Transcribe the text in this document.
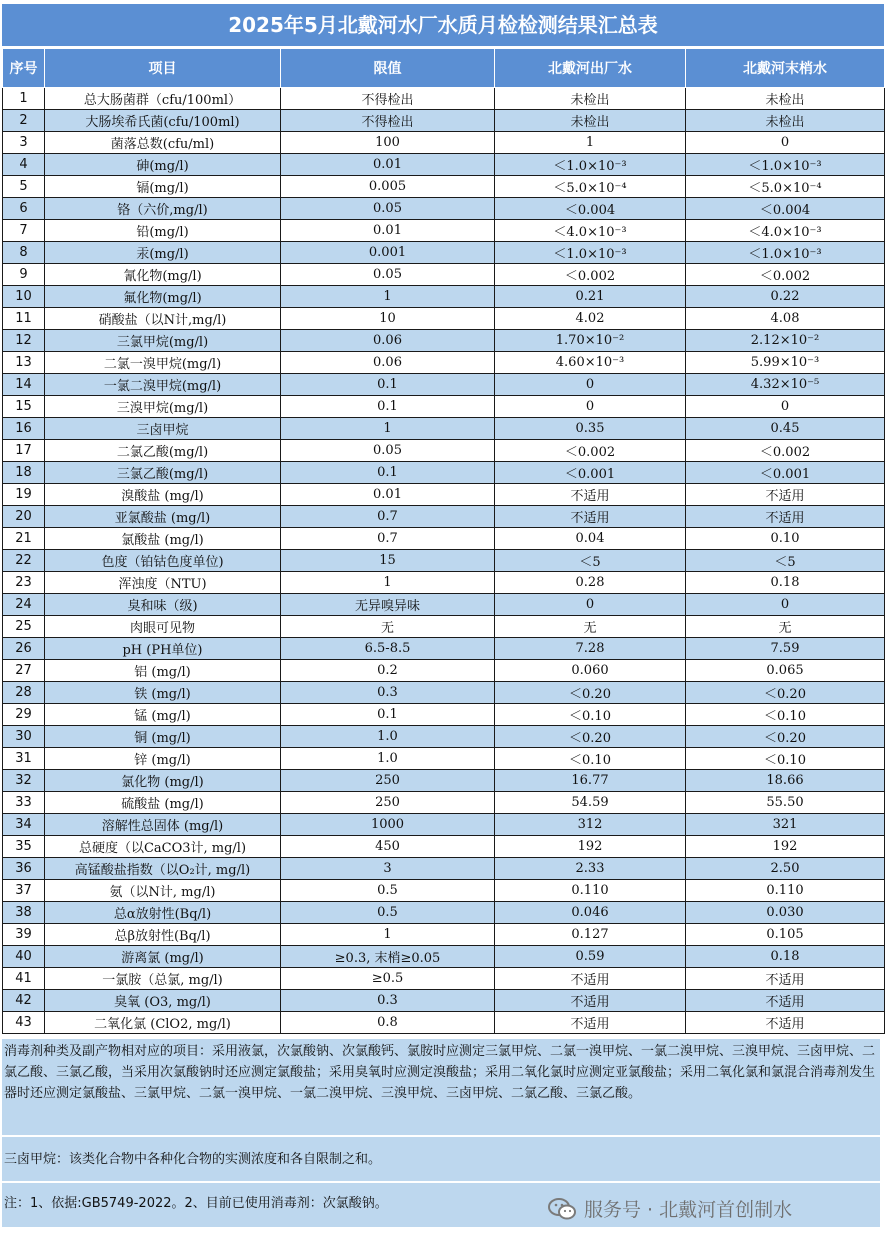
2025年5月北戴河水厂水质月检检测结果汇总表
序号	项目	限值	北戴河出厂水	北戴河末梢水
1	总大肠菌群（cfu/100ml）	不得检出	未检出	未检出
2	大肠埃希氏菌(cfu/100ml)	不得检出	未检出	未检出
3	菌落总数(cfu/ml)	100	1	0
4	砷(mg/l)	0.01	＜1.0×10⁻³	＜1.0×10⁻³
5	镉(mg/l)	0.005	＜5.0×10⁻⁴	＜5.0×10⁻⁴
6	铬（六价,mg/l)	0.05	＜0.004	＜0.004
7	铅(mg/l)	0.01	＜4.0×10⁻³	＜4.0×10⁻³
8	汞(mg/l)	0.001	＜1.0×10⁻³	＜1.0×10⁻³
9	氰化物(mg/l)	0.05	＜0.002	＜0.002
10	氟化物(mg/l)	1	0.21	0.22
11	硝酸盐（以N计,mg/l)	10	4.02	4.08
12	三氯甲烷(mg/l)	0.06	1.70×10⁻²	2.12×10⁻²
13	二氯一溴甲烷(mg/l)	0.06	4.60×10⁻³	5.99×10⁻³
14	一氯二溴甲烷(mg/l)	0.1	0	4.32×10⁻⁵
15	三溴甲烷(mg/l)	0.1	0	0
16	三卤甲烷	1	0.35	0.45
17	二氯乙酸(mg/l)	0.05	＜0.002	＜0.002
18	三氯乙酸(mg/l)	0.1	＜0.001	＜0.001
19	溴酸盐 (mg/l)	0.01	不适用	不适用
20	亚氯酸盐 (mg/l)	0.7	不适用	不适用
21	氯酸盐 (mg/l)	0.7	0.04	0.10
22	色度（铂钴色度单位)	15	＜5	＜5
23	浑浊度（NTU)	1	0.28	0.18
24	臭和味（级)	无异嗅异味	0	0
25	肉眼可见物	无	无	无
26	pH (PH单位)	6.5-8.5	7.28	7.59
27	铝 (mg/l)	0.2	0.060	0.065
28	铁 (mg/l)	0.3	＜0.20	＜0.20
29	锰 (mg/l)	0.1	＜0.10	＜0.10
30	铜 (mg/l)	1.0	＜0.20	＜0.20
31	锌 (mg/l)	1.0	＜0.10	＜0.10
32	氯化物 (mg/l)	250	16.77	18.66
33	硫酸盐 (mg/l)	250	54.59	55.50
34	溶解性总固体 (mg/l)	1000	312	321
35	总硬度（以CaCO3计, mg/l)	450	192	192
36	高锰酸盐指数（以O₂计, mg/l)	3	2.33	2.50
37	氨（以N计, mg/l)	0.5	0.110	0.110
38	总α放射性(Bq/l)	0.5	0.046	0.030
39	总β放射性(Bq/l)	1	0.127	0.105
40	游离氯 (mg/l)	≥0.3, 末梢≥0.05	0.59	0.18
41	一氯胺（总氯, mg/l)	≥0.5	不适用	不适用
42	臭氧 (O3, mg/l)	0.3	不适用	不适用
43	二氧化氯 (ClO2, mg/l)	0.8	不适用	不适用
消毒剂种类及副产物相对应的项目：采用液氯，次氯酸钠、次氯酸钙、氯胺时应测定三氯甲烷、二氯一溴甲烷、一氯二溴甲烷、三溴甲烷、三卤甲烷、二氯乙酸、三氯乙酸，当采用次氯酸钠时还应测定氯酸盐；采用臭氧时应测定溴酸盐；采用二氧化氯时应测定亚氯酸盐；采用二氧化氯和氯混合消毒剂发生器时还应测定氯酸盐、三氯甲烷、二氯一溴甲烷、一氯二溴甲烷、三溴甲烷、三卤甲烷、二氯乙酸、三氯乙酸。
三卤甲烷：该类化合物中各种化合物的实测浓度和各自限制之和。
注：1、依据:GB5749-2022。2、目前已使用消毒剂：次氯酸钠。	服务号 · 北戴河首创制水
